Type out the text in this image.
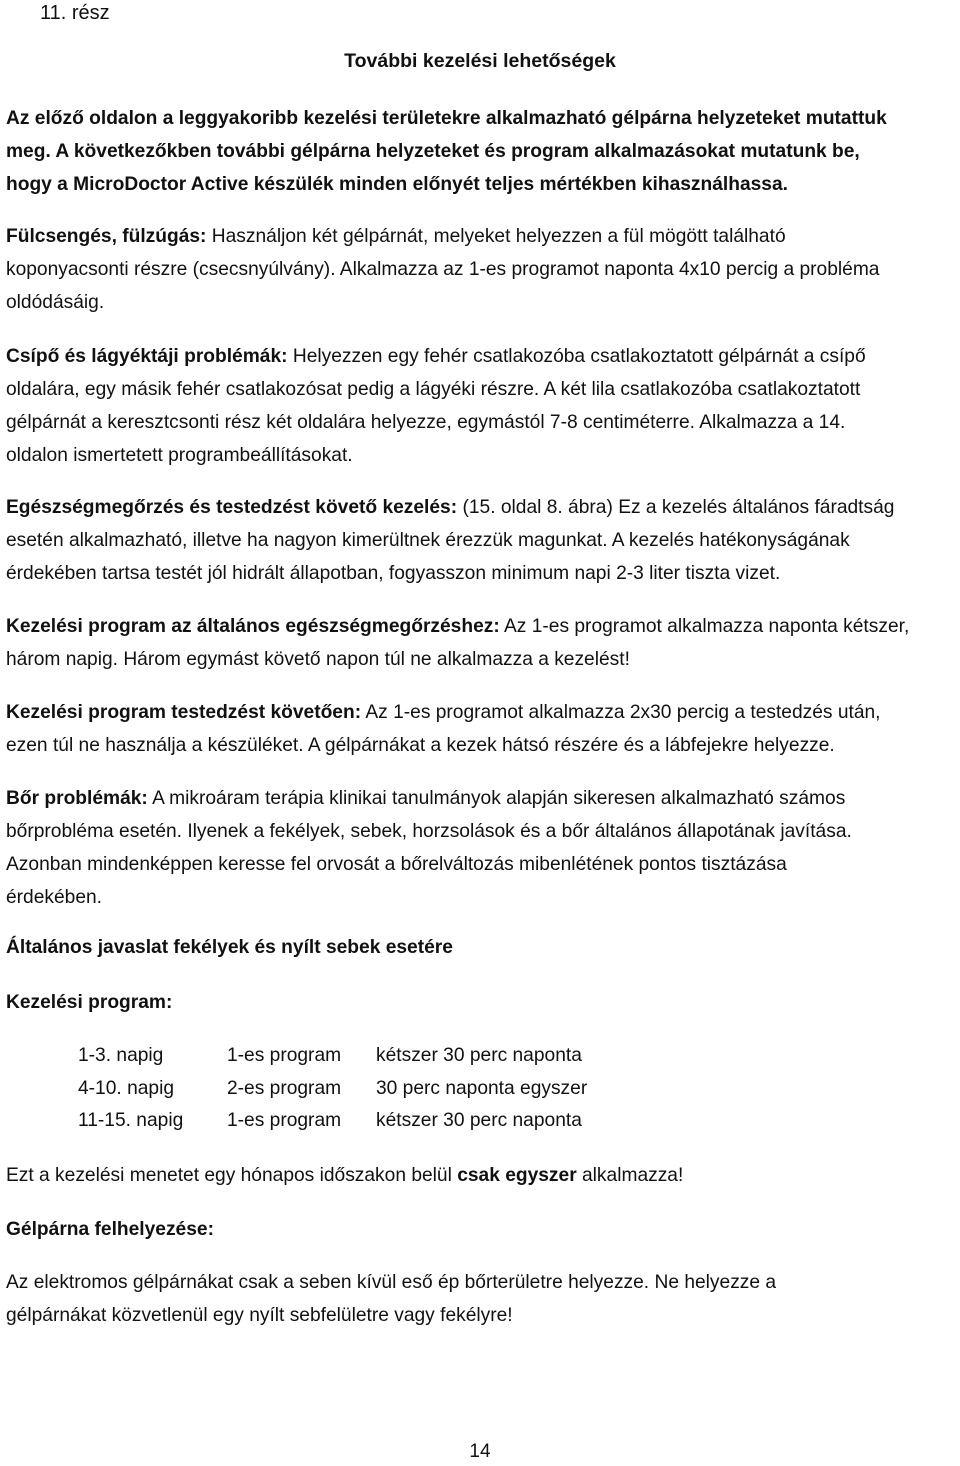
11. rész
További kezelési lehetőségek
Az előző oldalon a leggyakoribb kezelési területekre alkalmazható gélpárna helyzeteket mutattuk
meg. A következőkben további gélpárna helyzeteket és program alkalmazásokat mutatunk be,
hogy a MicroDoctor Active készülék minden előnyét teljes mértékben kihasználhassa.
Fülcsengés, fülzúgás: Használjon két gélpárnát, melyeket helyezzen a fül mögött található
koponyacsonti részre (csecsnyúlvány). Alkalmazza az 1-es programot naponta 4x10 percig a probléma
oldódásáig.
Csípő és lágyéktáji problémák: Helyezzen egy fehér csatlakozóba csatlakoztatott gélpárnát a csípő
oldalára, egy másik fehér csatlakozósat pedig a lágyéki részre. A két lila csatlakozóba csatlakoztatott
gélpárnát a keresztcsonti rész két oldalára helyezze, egymástól 7-8 centiméterre. Alkalmazza a 14.
oldalon ismertetett programbeállításokat.
Egészségmegőrzés és testedzést követő kezelés: (15. oldal 8. ábra) Ez a kezelés általános fáradtság
esetén alkalmazható, illetve ha nagyon kimerültnek érezzük magunkat. A kezelés hatékonyságának
érdekében tartsa testét jól hidrált állapotban, fogyasszon minimum napi 2-3 liter tiszta vizet.
Kezelési program az általános egészségmegőrzéshez: Az 1-es programot alkalmazza naponta kétszer,
három napig. Három egymást követő napon túl ne alkalmazza a kezelést!
Kezelési program testedzést követően: Az 1-es programot alkalmazza 2x30 percig a testedzés után,
ezen túl ne használja a készüléket. A gélpárnákat a kezek hátsó részére és a lábfejekre helyezze.
Bőr problémák: A mikroáram terápia klinikai tanulmányok alapján sikeresen alkalmazható számos
bőrprobléma esetén. Ilyenek a fekélyek, sebek, horzsolások és a bőr általános állapotának javítása.
Azonban mindenképpen keresse fel orvosát a bőrelváltozás mibenlétének pontos tisztázása
érdekében.
Általános javaslat fekélyek és nyílt sebek esetére
Kezelési program:
1-3. napig	1-es program	kétszer 30 perc naponta
4-10. napig	2-es program	30 perc naponta egyszer
11-15. napig	1-es program	kétszer 30 perc naponta
Ezt a kezelési menetet egy hónapos időszakon belül csak egyszer alkalmazza!
Gélpárna felhelyezése:
Az elektromos gélpárnákat csak a seben kívül eső ép bőrterületre helyezze. Ne helyezze a
gélpárnákat közvetlenül egy nyílt sebfelületre vagy fekélyre!
14
